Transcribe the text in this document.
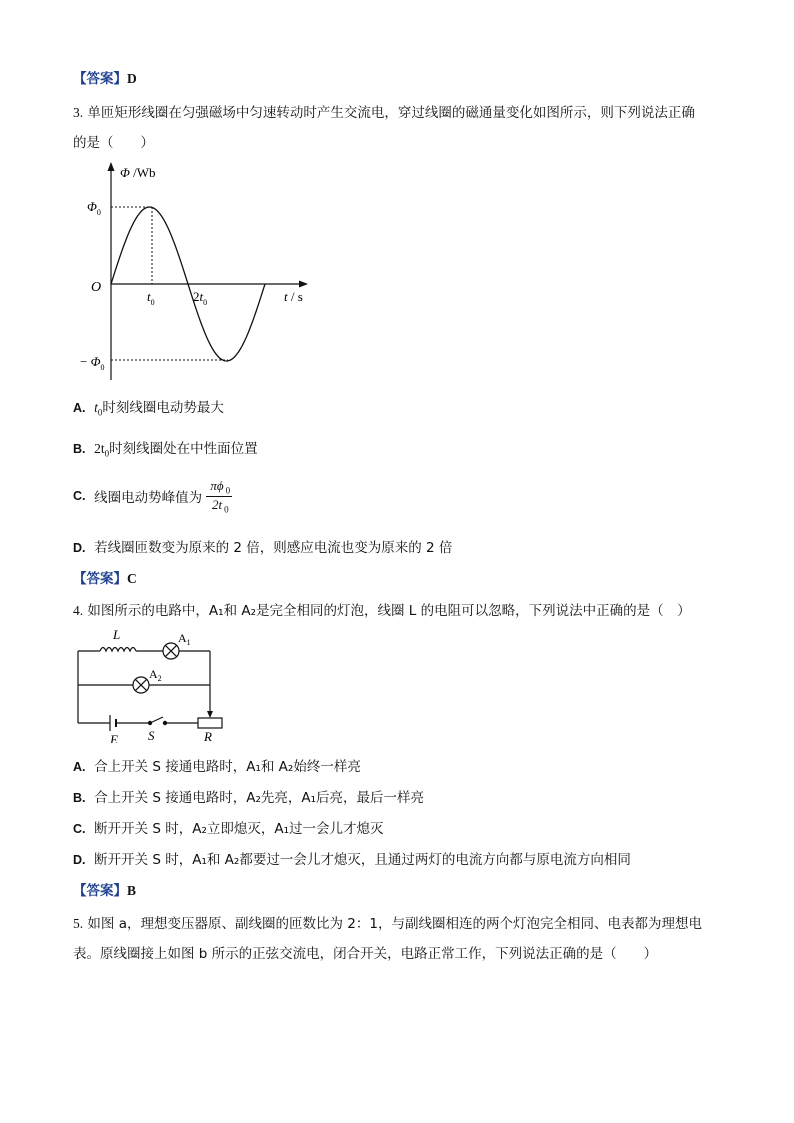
【答案】D
3. 单匝矩形线圈在匀强磁场中匀速转动时产生交流电，穿过线圈的磁通量变化如图所示，则下列说法正确
的是（　　）
Φ /Wb
$\Phi_0$
O
$t_0$	$2t_0$	t / s
− $\Phi_0$
A. $t_0$时刻线圈电动势最大
B. $2t_0$时刻线圈处在中性面位置
C. 线圈电动势峰值为 $\frac{\pi\phi _0}{2t _0}$
D. 若线圈匝数变为原来的 2 倍，则感应电流也变为原来的 2 倍
【答案】C
4. 如图所示的电路中，A₁和 A₂是完全相同的灯泡，线圈 L 的电阻可以忽略，下列说法中正确的是（　）
L	$A_1$
$A_2$
E S	R
A. 合上开关 S 接通电路时，A₁和 A₂始终一样亮
B. 合上开关 S 接通电路时，A₂先亮，A₁后亮，最后一样亮
C. 断开开关 S 时，A₂立即熄灭，A₁过一会儿才熄灭
D. 断开开关 S 时，A₁和 A₂都要过一会儿才熄灭，且通过两灯的电流方向都与原电流方向相同
【答案】B
5. 如图 a，理想变压器原、副线圈的匝数比为 2：1，与副线圈相连的两个灯泡完全相同、电表都为理想电
表。原线圈接上如图 b 所示的正弦交流电，闭合开关，电路正常工作，下列说法正确的是（　　）
